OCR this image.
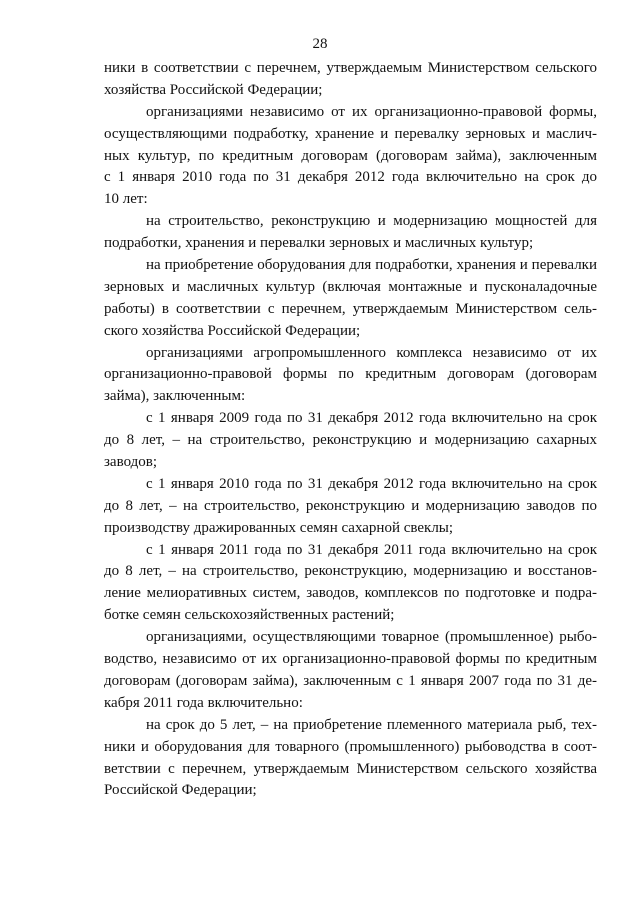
28
ники в соответствии с перечнем, утверждаемым Министерством сельского
хозяйства Российской Федерации;
организациями независимо от их организационно-правовой формы,
осуществляющими подработку, хранение и перевалку зерновых и маслич-
ных культур, по кредитным договорам (договорам займа), заключенным
с 1 января 2010 года по 31 декабря 2012 года включительно на срок до
10 лет:
на строительство, реконструкцию и модернизацию мощностей для
подработки, хранения и перевалки зерновых и масличных культур;
на приобретение оборудования для подработки, хранения и перевалки
зерновых и масличных культур (включая монтажные и пусконаладочные
работы) в соответствии с перечнем, утверждаемым Министерством сель-
ского хозяйства Российской Федерации;
организациями агропромышленного комплекса независимо от их
организационно-правовой формы по кредитным договорам (договорам
займа), заключенным:
с 1 января 2009 года по 31 декабря 2012 года включительно на срок
до 8 лет, – на строительство, реконструкцию и модернизацию сахарных
заводов;
с 1 января 2010 года по 31 декабря 2012 года включительно на срок
до 8 лет, – на строительство, реконструкцию и модернизацию заводов по
производству дражированных семян сахарной свеклы;
с 1 января 2011 года по 31 декабря 2011 года включительно на срок
до 8 лет, – на строительство, реконструкцию, модернизацию и восстанов-
ление мелиоративных систем, заводов, комплексов по подготовке и подра-
ботке семян сельскохозяйственных растений;
организациями, осуществляющими товарное (промышленное) рыбо-
водство, независимо от их организационно-правовой формы по кредитным
договорам (договорам займа), заключенным с 1 января 2007 года по 31 де-
кабря 2011 года включительно:
на срок до 5 лет, – на приобретение племенного материала рыб, тех-
ники и оборудования для товарного (промышленного) рыбоводства в соот-
ветствии с перечнем, утверждаемым Министерством сельского хозяйства
Российской Федерации;
